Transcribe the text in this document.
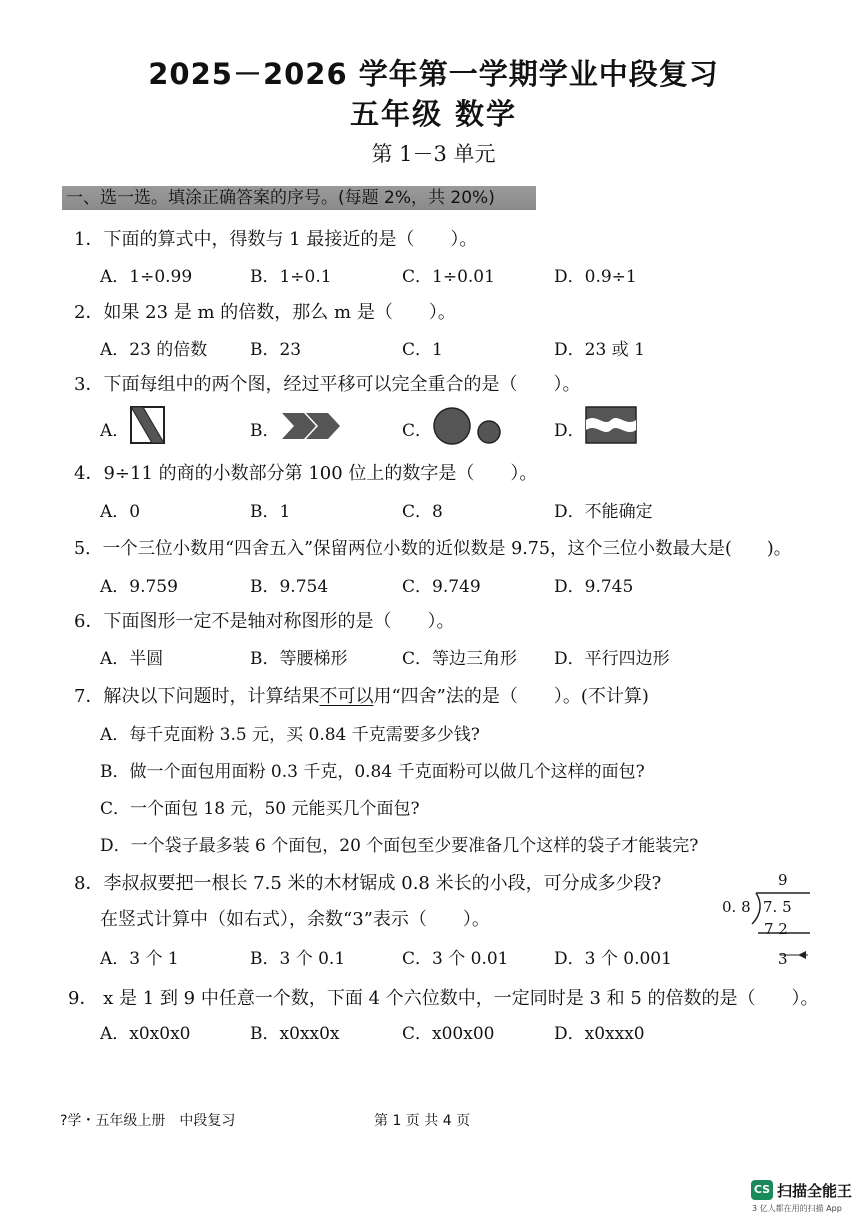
2025－2026 学年第一学期学业中段复习
五年级 数学
第 1－3 单元
一、选一选。填涂正确答案的序号。(每题 2%，共 20%)
1．下面的算式中，得数与 1 最接近的是（　　）。
A．1÷0.99	B．1÷0.1	C．1÷0.01	D．0.9÷1
2．如果 23 是 m 的倍数，那么 m 是（　　）。
A．23 的倍数	B．23	C．1	D．23 或 1
3．下面每组中的两个图，经过平移可以完全重合的是（　　）。
A．	B．	C．	D．
4．9÷11 的商的小数部分第 100 位上的数字是（　　）。
A．0	B．1	C．8	D．不能确定
5．一个三位小数用“四舍五入”保留两位小数的近似数是 9.75，这个三位小数最大是(　　)。
A．9.759	B．9.754	C．9.749	D．9.745
6．下面图形一定不是轴对称图形的是（　　）。
A．半圆	B．等腰梯形	C．等边三角形 D．平行四边形
7．解决以下问题时，计算结果不可以用“四舍”法的是（　　）。(不计算)
A．每千克面粉 3.5 元，买 0.84 千克需要多少钱?
B．做一个面包用面粉 0.3 千克，0.84 千克面粉可以做几个这样的面包?
C．一个面包 18 元，50 元能买几个面包?
D．一个袋子最多装 6 个面包，20 个面包至少要准备几个这样的袋子才能装完?
8．李叔叔要把一根长 7.5 米的木材锯成 0.8 米长的小段，可分成多少段?
在竖式计算中（如右式），余数“3”表示（　　）。
A．3 个 1	B．3 个 0.1	C．3 个 0.01	D．3 个 0.001
9
0. 8 7. 5
7 2
3
9． x 是 1 到 9 中任意一个数，下面 4 个六位数中，一定同时是 3 和 5 的倍数的是（　　）。
A．x0x0x0	B．x0xx0x	C．x00x00	D．x0xxx0
?学・五年级上册　中段复习	第 1 页 共 4 页
CS 扫描全能王
3 亿人都在用的扫描 App
